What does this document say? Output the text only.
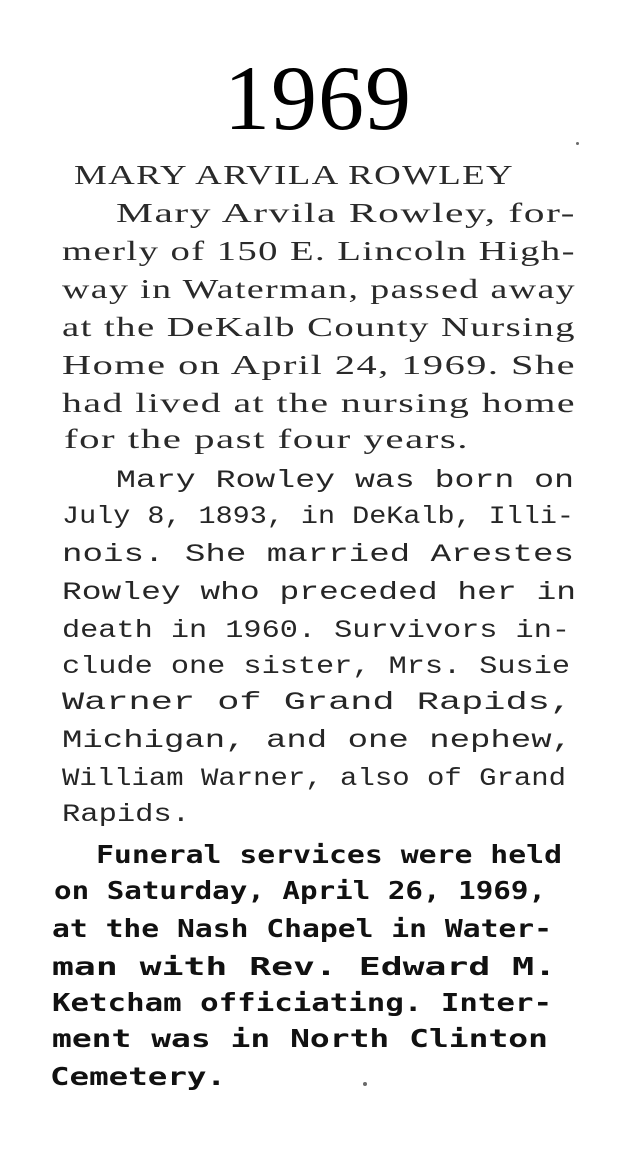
1969
MARY ARVILA ROWLEY
Mary Arvila Rowley, for-
merly of 150 E. Lincoln High-
way in Waterman, passed away
at the DeKalb County Nursing
Home on April 24, 1969. She
had lived at the nursing home
for the past four years.
Mary Rowley was born on
July 8, 1893, in DeKalb, Illi-
nois. She married Arestes
Rowley who preceded her in
death in 1960. Survivors in-
clude one sister, Mrs. Susie
Warner of Grand Rapids,
Michigan, and one nephew,
William Warner, also of Grand
Rapids.
Funeral services were held
on Saturday, April 26, 1969,
at the Nash Chapel in Water-
man with Rev. Edward M.
Ketcham officiating. Inter-
ment was in North Clinton
Cemetery.
